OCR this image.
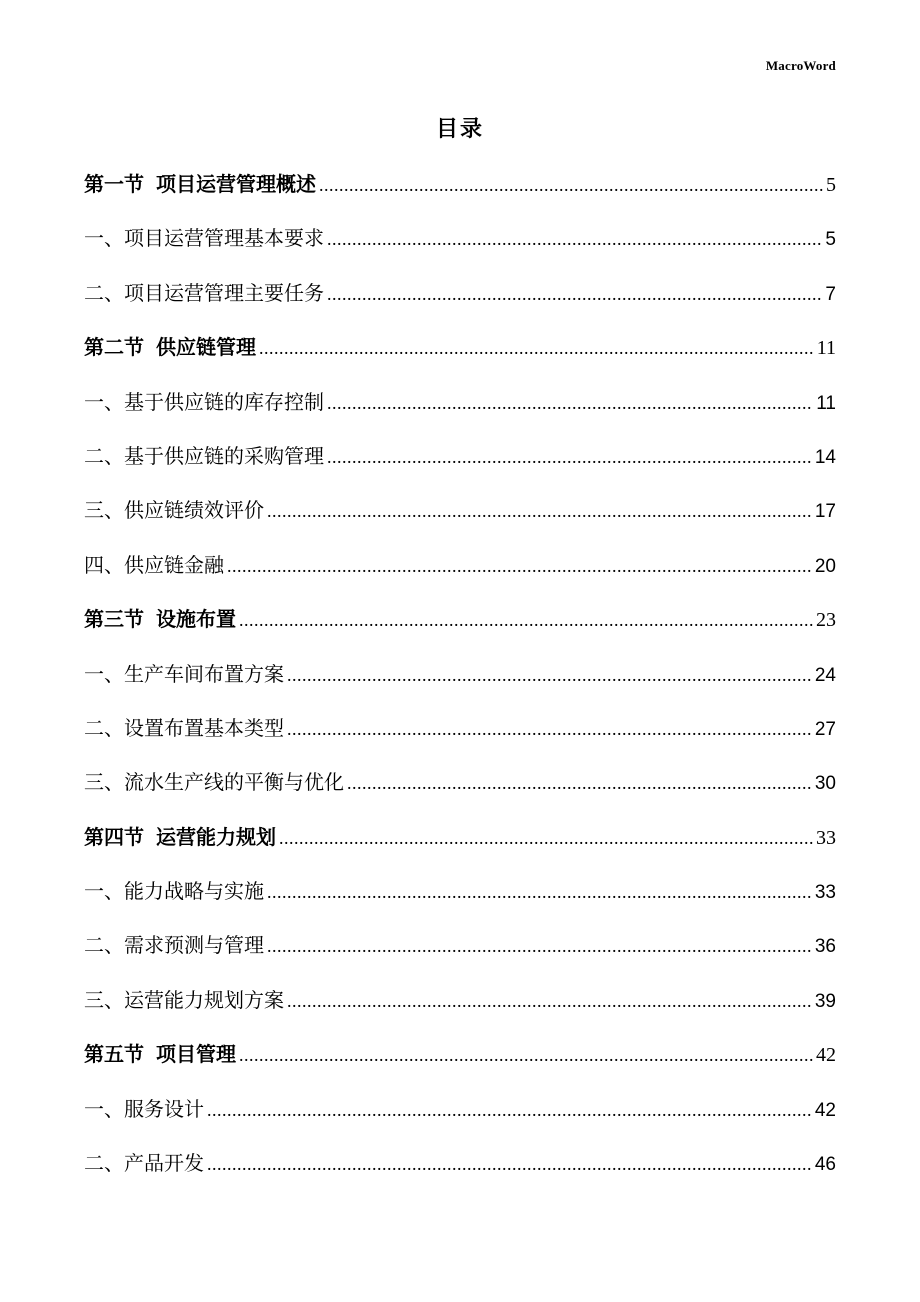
MacroWord
目录
第一节 项目运营管理概述 .....	5
一、 项目运营管理基本要求 .....	5
二、 项目运营管理主要任务 .....	7
第二节 供应链管理 .....	11
一、 基于供应链的库存控制 .....	11
二、 基于供应链的采购管理 .....	14
三、 供应链绩效评价 .....	17
四、 供应链金融 .....	20
第三节 设施布置 .....	23
一、 生产车间布置方案 .....	24
二、 设置布置基本类型 .....	27
三、 流水生产线的平衡与优化 .....	30
第四节 运营能力规划 .....	33
一、 能力战略与实施 .....	33
二、 需求预测与管理 .....	36
三、 运营能力规划方案 .....	39
第五节 项目管理 .....	42
一、 服务设计 .....	42
二、 产品开发 .....	46
